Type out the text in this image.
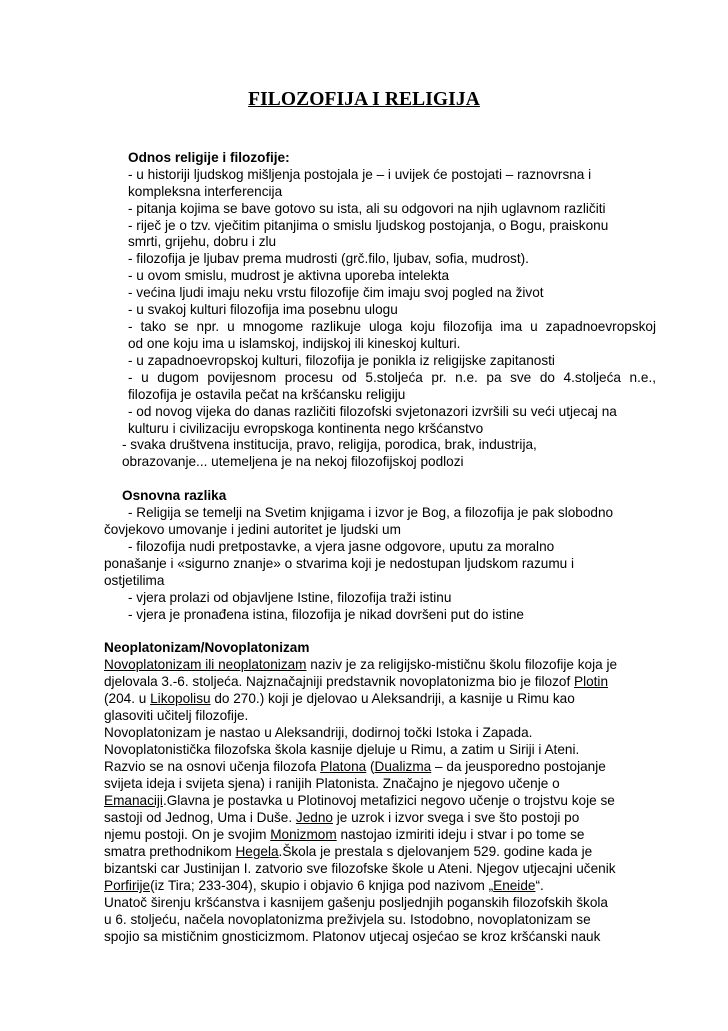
FILOZOFIJA I RELIGIJA
Odnos religije i filozofije:
- u historiji ljudskog mišljenja postojala je – i uvijek će postojati – raznovrsna i
kompleksna interferencija
- pitanja kojima se bave gotovo su ista, ali su odgovori na njih uglavnom različiti
- riječ je o tzv. vječitim pitanjima o smislu ljudskog postojanja, o Bogu, praiskonu
smrti, grijehu, dobru i zlu
- filozofija je ljubav prema mudrosti (grč.filo, ljubav, sofia, mudrost).
- u ovom smislu, mudrost je aktivna uporeba intelekta
- većina ljudi imaju neku vrstu filozofije čim imaju svoj pogled na život
- u svakoj kulturi filozofija ima posebnu ulogu
- tako se npr. u mnogome razlikuje uloga koju filozofija ima u zapadnoevropskoj
od one koju ima u islamskoj, indijskoj ili kineskoj kulturi.
- u zapadnoevropskoj kulturi, filozofija je ponikla iz religijske zapitanosti
- u dugom povijesnom procesu od 5.stoljeća pr. n.e. pa sve do 4.stoljeća n.e.,
filozofija je ostavila pečat na kršćansku religiju
- od novog vijeka do danas različiti filozofski svjetonazori izvršili su veći utjecaj na
kulturu i civilizaciju evropskoga kontinenta nego kršćanstvo
- svaka društvena institucija, pravo, religija, porodica, brak, industrija,
obrazovanje... utemeljena je na nekoj filozofijskoj podlozi
Osnovna razlika
- Religija se temelji na Svetim knjigama i izvor je Bog, a filozofija je pak slobodno
čovjekovo umovanje i jedini autoritet je ljudski um
- filozofija nudi pretpostavke, a vjera jasne odgovore, uputu za moralno
ponašanje i «sigurno znanje» o stvarima koji je nedostupan ljudskom razumu i
ostjetilima
- vjera prolazi od objavljene Istine, filozofija traži istinu
- vjera je pronađena istina, filozofija je nikad dovršeni put do istine
Neoplatonizam/Novoplatonizam
Novoplatonizam ili neoplatonizam naziv je za religijsko-mističnu školu filozofije koja je
djelovala 3.-6. stoljeća. Najznačajniji predstavnik novoplatonizma bio je filozof Plotin
(204. u Likopolisu do 270.) koji je djelovao u Aleksandriji, a kasnije u Rimu kao
glasoviti učitelj filozofije.
Novoplatonizam je nastao u Aleksandriji, dodirnoj točki Istoka i Zapada.
Novoplatonistička filozofska škola kasnije djeluje u Rimu, a zatim u Siriji i Ateni.
Razvio se na osnovi učenja filozofa Platona (Dualizma – da jeusporedno postojanje
svijeta ideja i svijeta sjena) i ranijih Platonista. Značajno je njegovo učenje o
Emanaciji.Glavna je postavka u Plotinovoj metafizici negovo učenje o trojstvu koje se
sastoji od Jednog, Uma i Duše. Jedno je uzrok i izvor svega i sve što postoji po
njemu postoji. On je svojim Monizmom nastojao izmiriti ideju i stvar i po tome se
smatra prethodnikom Hegela.Škola je prestala s djelovanjem 529. godine kada je
bizantski car Justinijan I. zatvorio sve filozofske škole u Ateni. Njegov utjecajni učenik
Porfirije(iz Tira; 233-304), skupio i objavio 6 knjiga pod nazivom „Eneide“.
Unatoč širenju kršćanstva i kasnijem gašenju posljednjih poganskih filozofskih škola
u 6. stoljeću, načela novoplatonizma preživjela su. Istodobno, novoplatonizam se
spojio sa mističnim gnosticizmom. Platonov utjecaj osjećao se kroz kršćanski nauk
